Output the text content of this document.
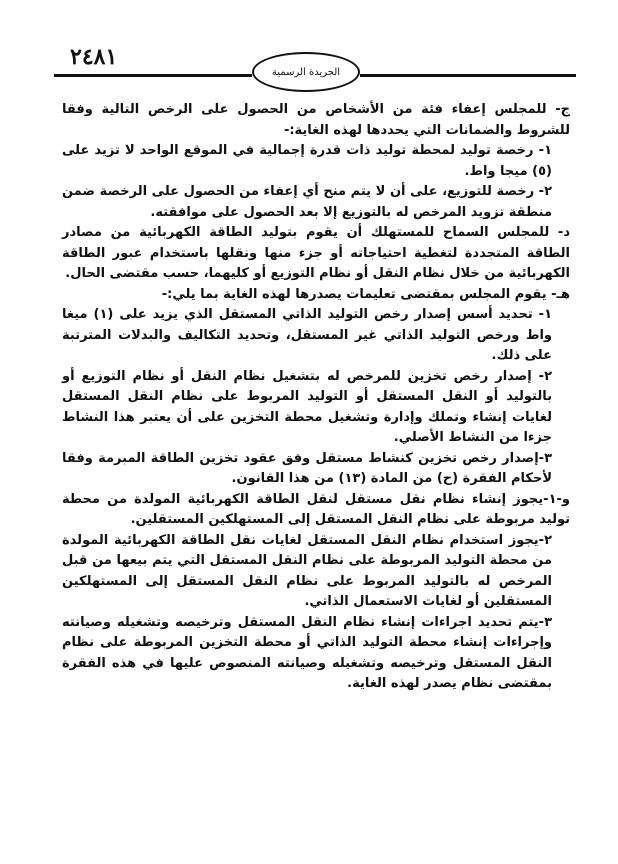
٢٤٨١
الجريدة الرسمية

ج- للمجلس إعفاء فئة من الأشخاص من الحصول على الرخص التالية وفقا للشروط والضمانات التي يحددها لهذه الغاية:-

١- رخصة توليد لمحطة توليد ذات قدرة إجمالية في الموقع الواحد لا تزيد على (٥) ميجا واط.

٢- رخصة للتوزيع، على أن لا يتم منح أي إعفاء من الحصول على الرخصة ضمن منطقة تزويد المرخص له بالتوزيع إلا بعد الحصول على موافقته.

د- للمجلس السماح للمستهلك أن يقوم بتوليد الطاقة الكهربائية من مصادر الطاقة المتجددة لتغطية احتياجاته أو جزء منها ونقلها باستخدام عبور الطاقة الكهربائية من خلال نظام النقل أو نظام التوزيع أو كليهما، حسب مقتضى الحال.

هـ- يقوم المجلس بمقتضى تعليمات يصدرها لهذه الغاية بما يلي:-

١- تحديد أسس إصدار رخص التوليد الذاتي المستقل الذي يزيد على (١) ميغا واط ورخص التوليد الذاتي غير المستقل، وتحديد التكاليف والبدلات المترتبة على ذلك.

٢- إصدار رخص تخزين للمرخص له بتشغيل نظام النقل أو نظام التوزيع أو بالتوليد أو النقل المستقل أو التوليد المربوط على نظام النقل المستقل لغايات إنشاء وتملك وإدارة وتشغيل محطة التخزين على أن يعتبر هذا النشاط جزءا من النشاط الأصلي.

٣-إصدار رخص تخزين كنشاط مستقل وفق عقود تخزين الطاقة المبرمة وفقا لأحكام الفقرة (ح) من المادة (١٣) من هذا القانون.

و-١-يجوز إنشاء نظام نقل مستقل لنقل الطاقة الكهربائية المولدة من محطة توليد مربوطة على نظام النقل المستقل إلى المستهلكين المستقلين.

٢-يجوز استخدام نظام النقل المستقل لغايات نقل الطاقة الكهربائية المولدة من محطة التوليد المربوطة على نظام النقل المستقل التي يتم بيعها من قبل المرخص له بالتوليد المربوط على نظام النقل المستقل إلى المستهلكين المستقلين أو لغايات الاستعمال الذاتي.

٣-يتم تحديد اجراءات إنشاء نظام النقل المستقل وترخيصه وتشغيله وصيانته وإجراءات إنشاء محطة التوليد الذاتي أو محطة التخزين المربوطة على نظام النقل المستقل وترخيصه وتشغيله وصيانته المنصوص عليها في هذه الفقرة بمقتضى نظام يصدر لهذه الغاية.
